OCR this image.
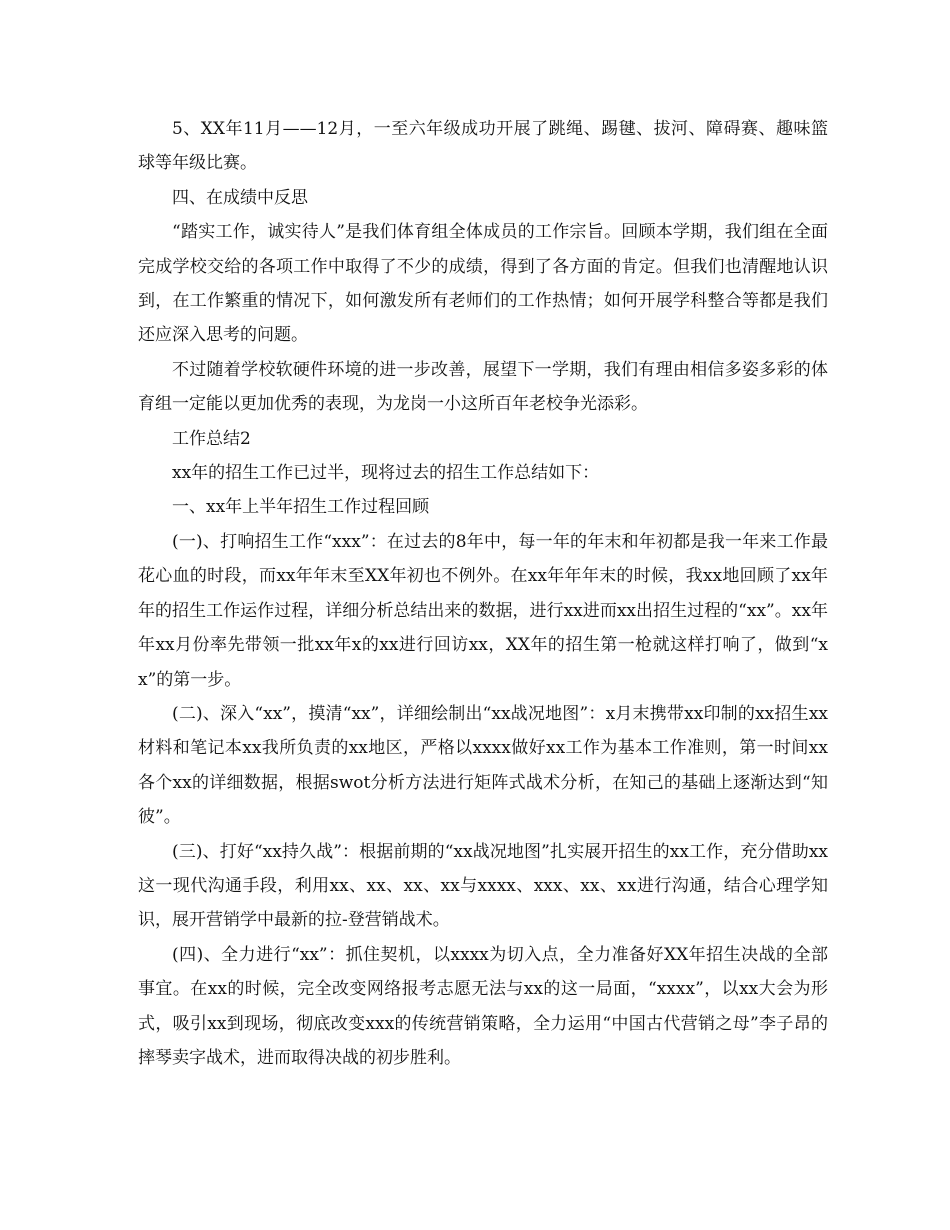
5、XX年11月——12月，一至六年级成功开展了跳绳、踢毽、拔河、障碍赛、趣味篮球等年级比赛。

四、在成绩中反思

“踏实工作，诚实待人”是我们体育组全体成员的工作宗旨。回顾本学期，我们组在全面完成学校交给的各项工作中取得了不少的成绩，得到了各方面的肯定。但我们也清醒地认识到，在工作繁重的情况下，如何激发所有老师们的工作热情；如何开展学科整合等都是我们还应深入思考的问题。

不过随着学校软硬件环境的进一步改善，展望下一学期，我们有理由相信多姿多彩的体育组一定能以更加优秀的表现，为龙岗一小这所百年老校争光添彩。

工作总结2

xx年的招生工作已过半，现将过去的招生工作总结如下：

一、xx年上半年招生工作过程回顾

(一)、打响招生工作“xxx”：在过去的8年中，每一年的年末和年初都是我一年来工作最花心血的时段，而xx年年末至XX年初也不例外。在xx年年年末的时候，我xx地回顾了xx年年的招生工作运作过程，详细分析总结出来的数据，进行xx进而xx出招生过程的“xx”。xx年年xx月份率先带领一批xx年x的xx进行回访xx，XX年的招生第一枪就这样打响了，做到“xx”的第一步。

(二)、深入“xx”，摸清“xx”，详细绘制出“xx战况地图”：x月末携带xx印制的xx招生xx材料和笔记本xx我所负责的xx地区，严格以xxxx做好xx工作为基本工作准则，第一时间xx各个xx的详细数据，根据swot分析方法进行矩阵式战术分析，在知己的基础上逐渐达到“知彼”。

(三)、打好“xx持久战”：根据前期的“xx战况地图”扎实展开招生的xx工作，充分借助xx这一现代沟通手段，利用xx、xx、xx、xx与xxxx、xxx、xx、xx进行沟通，结合心理学知识，展开营销学中最新的拉-登营销战术。

(四)、全力进行“xx”：抓住契机，以xxxx为切入点，全力准备好XX年招生决战的全部事宜。在xx的时候，完全改变网络报考志愿无法与xx的这一局面，“xxxx”，以xx大会为形式，吸引xx到现场，彻底改变xxx的传统营销策略，全力运用“中国古代营销之母”李子昂的摔琴卖字战术，进而取得决战的初步胜利。
